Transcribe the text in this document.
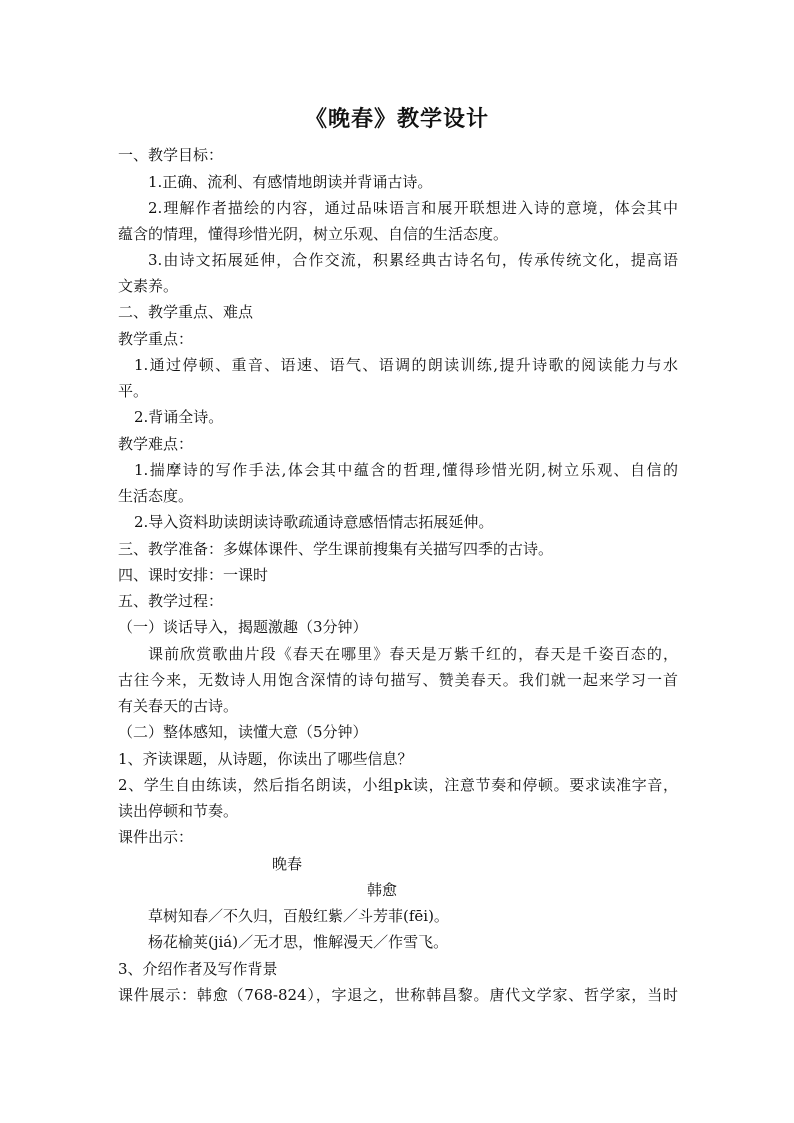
《晚春》教学设计
一、教学目标：
1.正确、流利、有感情地朗读并背诵古诗。
2.理解作者描绘的内容，通过品味语言和展开联想进入诗的意境，体会其中
蕴含的情理，懂得珍惜光阴，树立乐观、自信的生活态度。
3.由诗文拓展延伸，合作交流，积累经典古诗名句，传承传统文化，提高语
文素养。
二、教学重点、难点
教学重点：
1.通过停顿、重音、语速、语气、语调的朗读训练,提升诗歌的阅读能力与水
平。
2.背诵全诗。
教学难点：
1.揣摩诗的写作手法,体会其中蕴含的哲理,懂得珍惜光阴,树立乐观、自信的
生活态度。
2.导入资料助读朗读诗歌疏通诗意感悟情志拓展延伸。
三、教学准备：多媒体课件、学生课前搜集有关描写四季的古诗。
四、课时安排：一课时
五、教学过程：
（一）谈话导入，揭题激趣（3分钟）
课前欣赏歌曲片段《春天在哪里》春天是万紫千红的，春天是千姿百态的，
古往今来，无数诗人用饱含深情的诗句描写、赞美春天。我们就一起来学习一首
有关春天的古诗。
（二）整体感知，读懂大意（5分钟）
1、齐读课题，从诗题，你读出了哪些信息？
2、学生自由练读，然后指名朗读，小组pk读，注意节奏和停顿。要求读准字音，
读出停顿和节奏。
课件出示：
晚春
韩愈
草树知春／不久归，百般红紫／斗芳菲(fēi)。
杨花榆荚(jiá)／无才思，惟解漫天／作雪飞。
3、介绍作者及写作背景
课件展示：韩愈（768-824），字退之，世称韩昌黎。唐代文学家、哲学家，当时
